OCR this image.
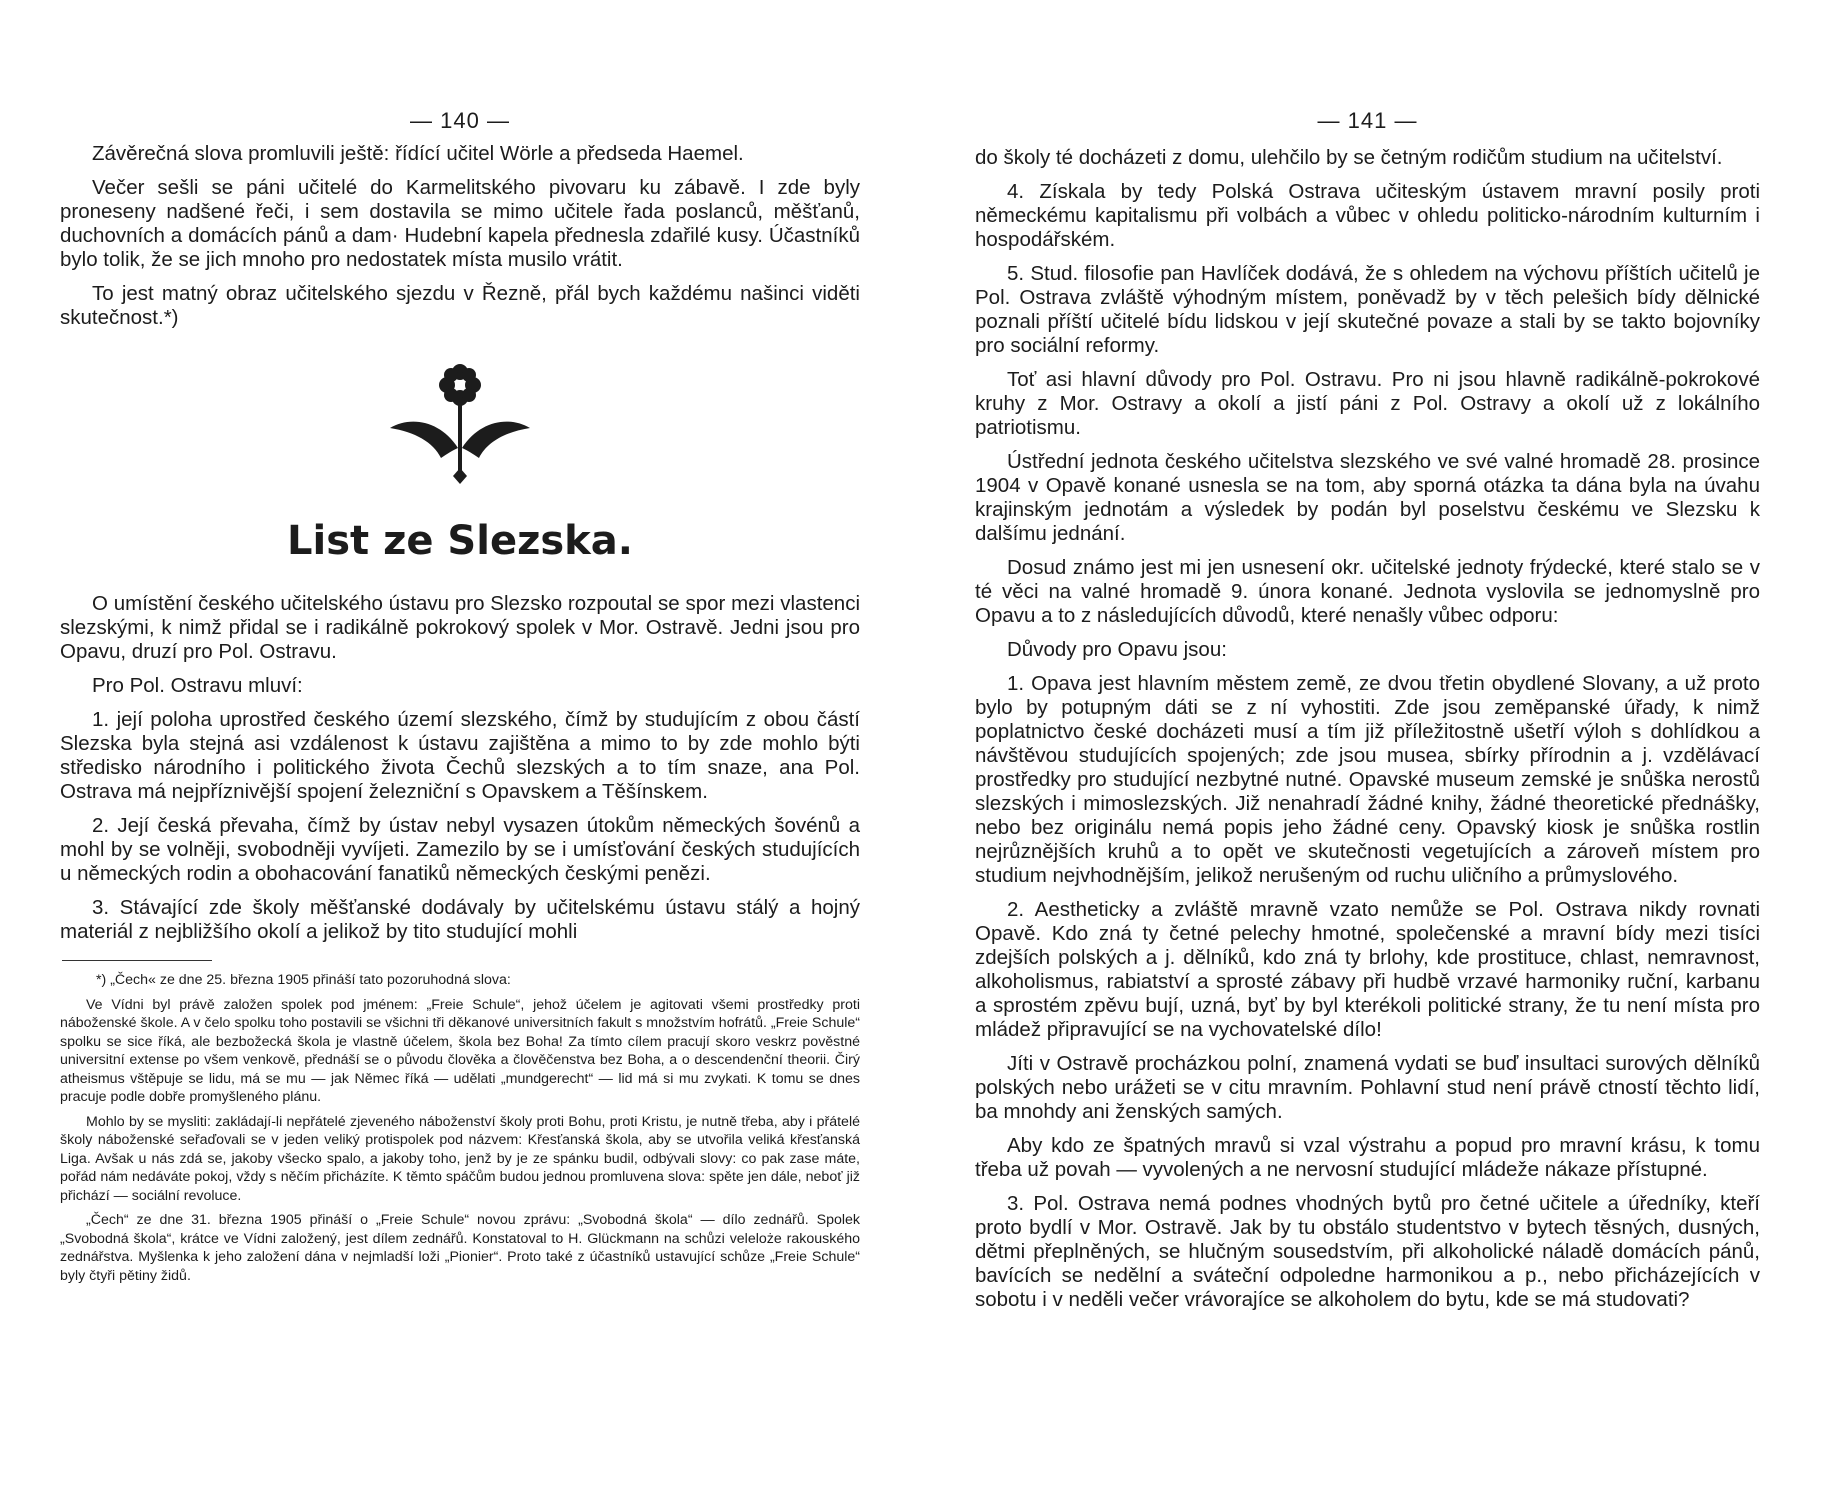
— 140 —

Závěrečná slova promluvili ještě: řídící učitel Wörle a předseda Haemel.

Večer sešli se páni učitelé do Karmelitského pivovaru ku zábavě. I zde byly proneseny nadšené řeči, i sem dostavila se mimo učitele řada poslanců, měšťanů, duchovních a domácích pánů a dam· Hudební kapela přednesla zdařilé kusy. Účastníků bylo tolik, že se jich mnoho pro nedostatek místa musilo vrátit.

To jest matný obraz učitelského sjezdu v Řezně, přál bych každému našinci viděti skutečnost.*)

List ze Slezska.

O umístění českého učitelského ústavu pro Slezsko rozpoutal se spor mezi vlastenci slezskými, k nimž přidal se i radikálně pokrokový spolek v Mor. Ostravě. Jedni jsou pro Opavu, druzí pro Pol. Ostravu.

Pro Pol. Ostravu mluví:

1. její poloha uprostřed českého území slezského, čímž by studujícím z obou částí Slezska byla stejná asi vzdálenost k ústavu zajištěna a mimo to by zde mohlo býti středisko národního i politického života Čechů slezských a to tím snaze, ana Pol. Ostrava má nejpříznivější spojení železniční s Opavskem a Těšínskem.

2. Její česká převaha, čímž by ústav nebyl vysazen útokům německých šovénů a mohl by se volněji, svobodněji vyvíjeti. Zamezilo by se i umísťování českých studujících u německých rodin a obohacování fanatiků německých českými penězi.

3. Stávající zde školy měšťanské dodávaly by učitelskému ústavu stálý a hojný materiál z nejbližšího okolí a jelikož by tito studující mohli

*) „Čech« ze dne 25. března 1905 přináší tato pozoruhodná slova:

Ve Vídni byl právě založen spolek pod jménem: „Freie Schule“, jehož účelem je agitovati všemi prostředky proti náboženské škole. A v čelo spolku toho postavili se všichni tři děkanové universitních fakult s množstvím hofrátů. „Freie Schule“ spolku se sice říká, ale bezbožecká škola je vlastně účelem, škola bez Boha! Za tímto cílem pracují skoro veskrz pověstné universitní extense po všem venkově, přednáší se o původu člověka a člověčenstva bez Boha, a o descendenční theorii. Čirý atheismus vštěpuje se lidu, má se mu — jak Němec říká — udělati „mundgerecht“ — lid má si mu zvykati. K tomu se dnes pracuje podle dobře promyšleného plánu.

Mohlo by se mysliti: zakládají-li nepřátelé zjeveného náboženství školy proti Bohu, proti Kristu, je nutně třeba, aby i přátelé školy náboženské seřaďovali se v jeden veliký protispolek pod názvem: Křesťanská škola, aby se utvořila veliká křesťanská Liga. Avšak u nás zdá se, jakoby všecko spalo, a jakoby toho, jenž by je ze spánku budil, odbývali slovy: co pak zase máte, pořád nám nedáváte pokoj, vždy s něčím přicházíte. K těmto spáčům budou jednou promluvena slova: spěte jen dále, neboť již přichází — sociální revoluce.

„Čech“ ze dne 31. března 1905 přináší o „Freie Schule“ novou zprávu: „Svobodná škola“ — dílo zednářů. Spolek „Svobodná škola“, krátce ve Vídni založený, jest dílem zednářů. Konstatoval to H. Glückmann na schůzi veleloże rakouského zednářstva. Myšlenka k jeho založení dána v nejmladší loži „Pionier“. Proto také z účastníků ustavující schůze „Freie Schule“ byly čtyři pětiny židů.

— 141 —

do školy té docházeti z domu, ulehčilo by se četným rodičům studium na učitelství.

4. Získala by tedy Polská Ostrava učiteským ústavem mravní posily proti německému kapitalismu při volbách a vůbec v ohledu politicko-národním kulturním i hospodářském.

5. Stud. filosofie pan Havlíček dodává, že s ohledem na výchovu příštích učitelů je Pol. Ostrava zvláště výhodným místem, poněvadž by v těch pelešich bídy dělnické poznali příští učitelé bídu lidskou v její skutečné povaze a stali by se takto bojovníky pro sociální reformy.

Toť asi hlavní důvody pro Pol. Ostravu. Pro ni jsou hlavně radikálně-pokrokové kruhy z Mor. Ostravy a okolí a jistí páni z Pol. Ostravy a okolí už z lokálního patriotismu.

Ústřední jednota českého učitelstva slezského ve své valné hromadě 28. prosince 1904 v Opavě konané usnesla se na tom, aby sporná otázka ta dána byla na úvahu krajinským jednotám a výsledek by podán byl poselstvu českému ve Slezsku k dalšímu jednání.

Dosud známo jest mi jen usnesení okr. učitelské jednoty frýdecké, které stalo se v té věci na valné hromadě 9. února konané. Jednota vyslovila se jednomyslně pro Opavu a to z následujících důvodů, které nenašly vůbec odporu:

Důvody pro Opavu jsou:

1. Opava jest hlavním městem země, ze dvou třetin obydlené Slovany, a už proto bylo by potupným dáti se z ní vyhostiti. Zde jsou zeměpanské úřady, k nimž poplatnictvo české docházeti musí a tím již příležitostně ušetří výloh s dohlídkou a návštěvou studujících spojených; zde jsou musea, sbírky přírodnin a j. vzdělávací prostředky pro studující nezbytné nutné. Opavské museum zemské je snůška nerostů slezských i mimoslezských. Již nenahradí žádné knihy, žádné theoretické přednášky, nebo bez originálu nemá popis jeho žádné ceny. Opavský kiosk je snůška rostlin nejrůznějších kruhů a to opět ve skutečnosti vegetujících a zároveň místem pro studium nejvhodnějším, jelikož nerušeným od ruchu uličního a průmyslového.

2. Aestheticky a zvláště mravně vzato nemůže se Pol. Ostrava nikdy rovnati Opavě. Kdo zná ty četné pelechy hmotné, společenské a mravní bídy mezi tisíci zdejších polských a j. dělníků, kdo zná ty brlohy, kde prostituce, chlast, nemravnost, alkoholismus, rabiatství a sprosté zábavy při hudbě vrzavé harmoniky ruční, karbanu a sprostém zpěvu bují, uzná, byť by byl kterékoli politické strany, že tu není místa pro mládež připravující se na vychovatelské dílo!

Jíti v Ostravě procházkou polní, znamená vydati se buď insultaci surových dělníků polských nebo urážeti se v citu mravním. Pohlavní stud není právě ctností těchto lidí, ba mnohdy ani ženských samých.

Aby kdo ze špatných mravů si vzal výstrahu a popud pro mravní krásu, k tomu třeba už povah — vyvolených a ne nervosní studující mládeže nákaze přístupné.

3. Pol. Ostrava nemá podnes vhodných bytů pro četné učitele a úředníky, kteří proto bydlí v Mor. Ostravě. Jak by tu obstálo studentstvo v bytech těsných, dusných, dětmi přeplněných, se hlučným sousedstvím, při alkoholické náladě domácích pánů, bavících se nedělní a sváteční odpoledne harmonikou a p., nebo přicházejících v sobotu i v neděli večer vrávorajíce se alkoholem do bytu, kde se má studovati?
